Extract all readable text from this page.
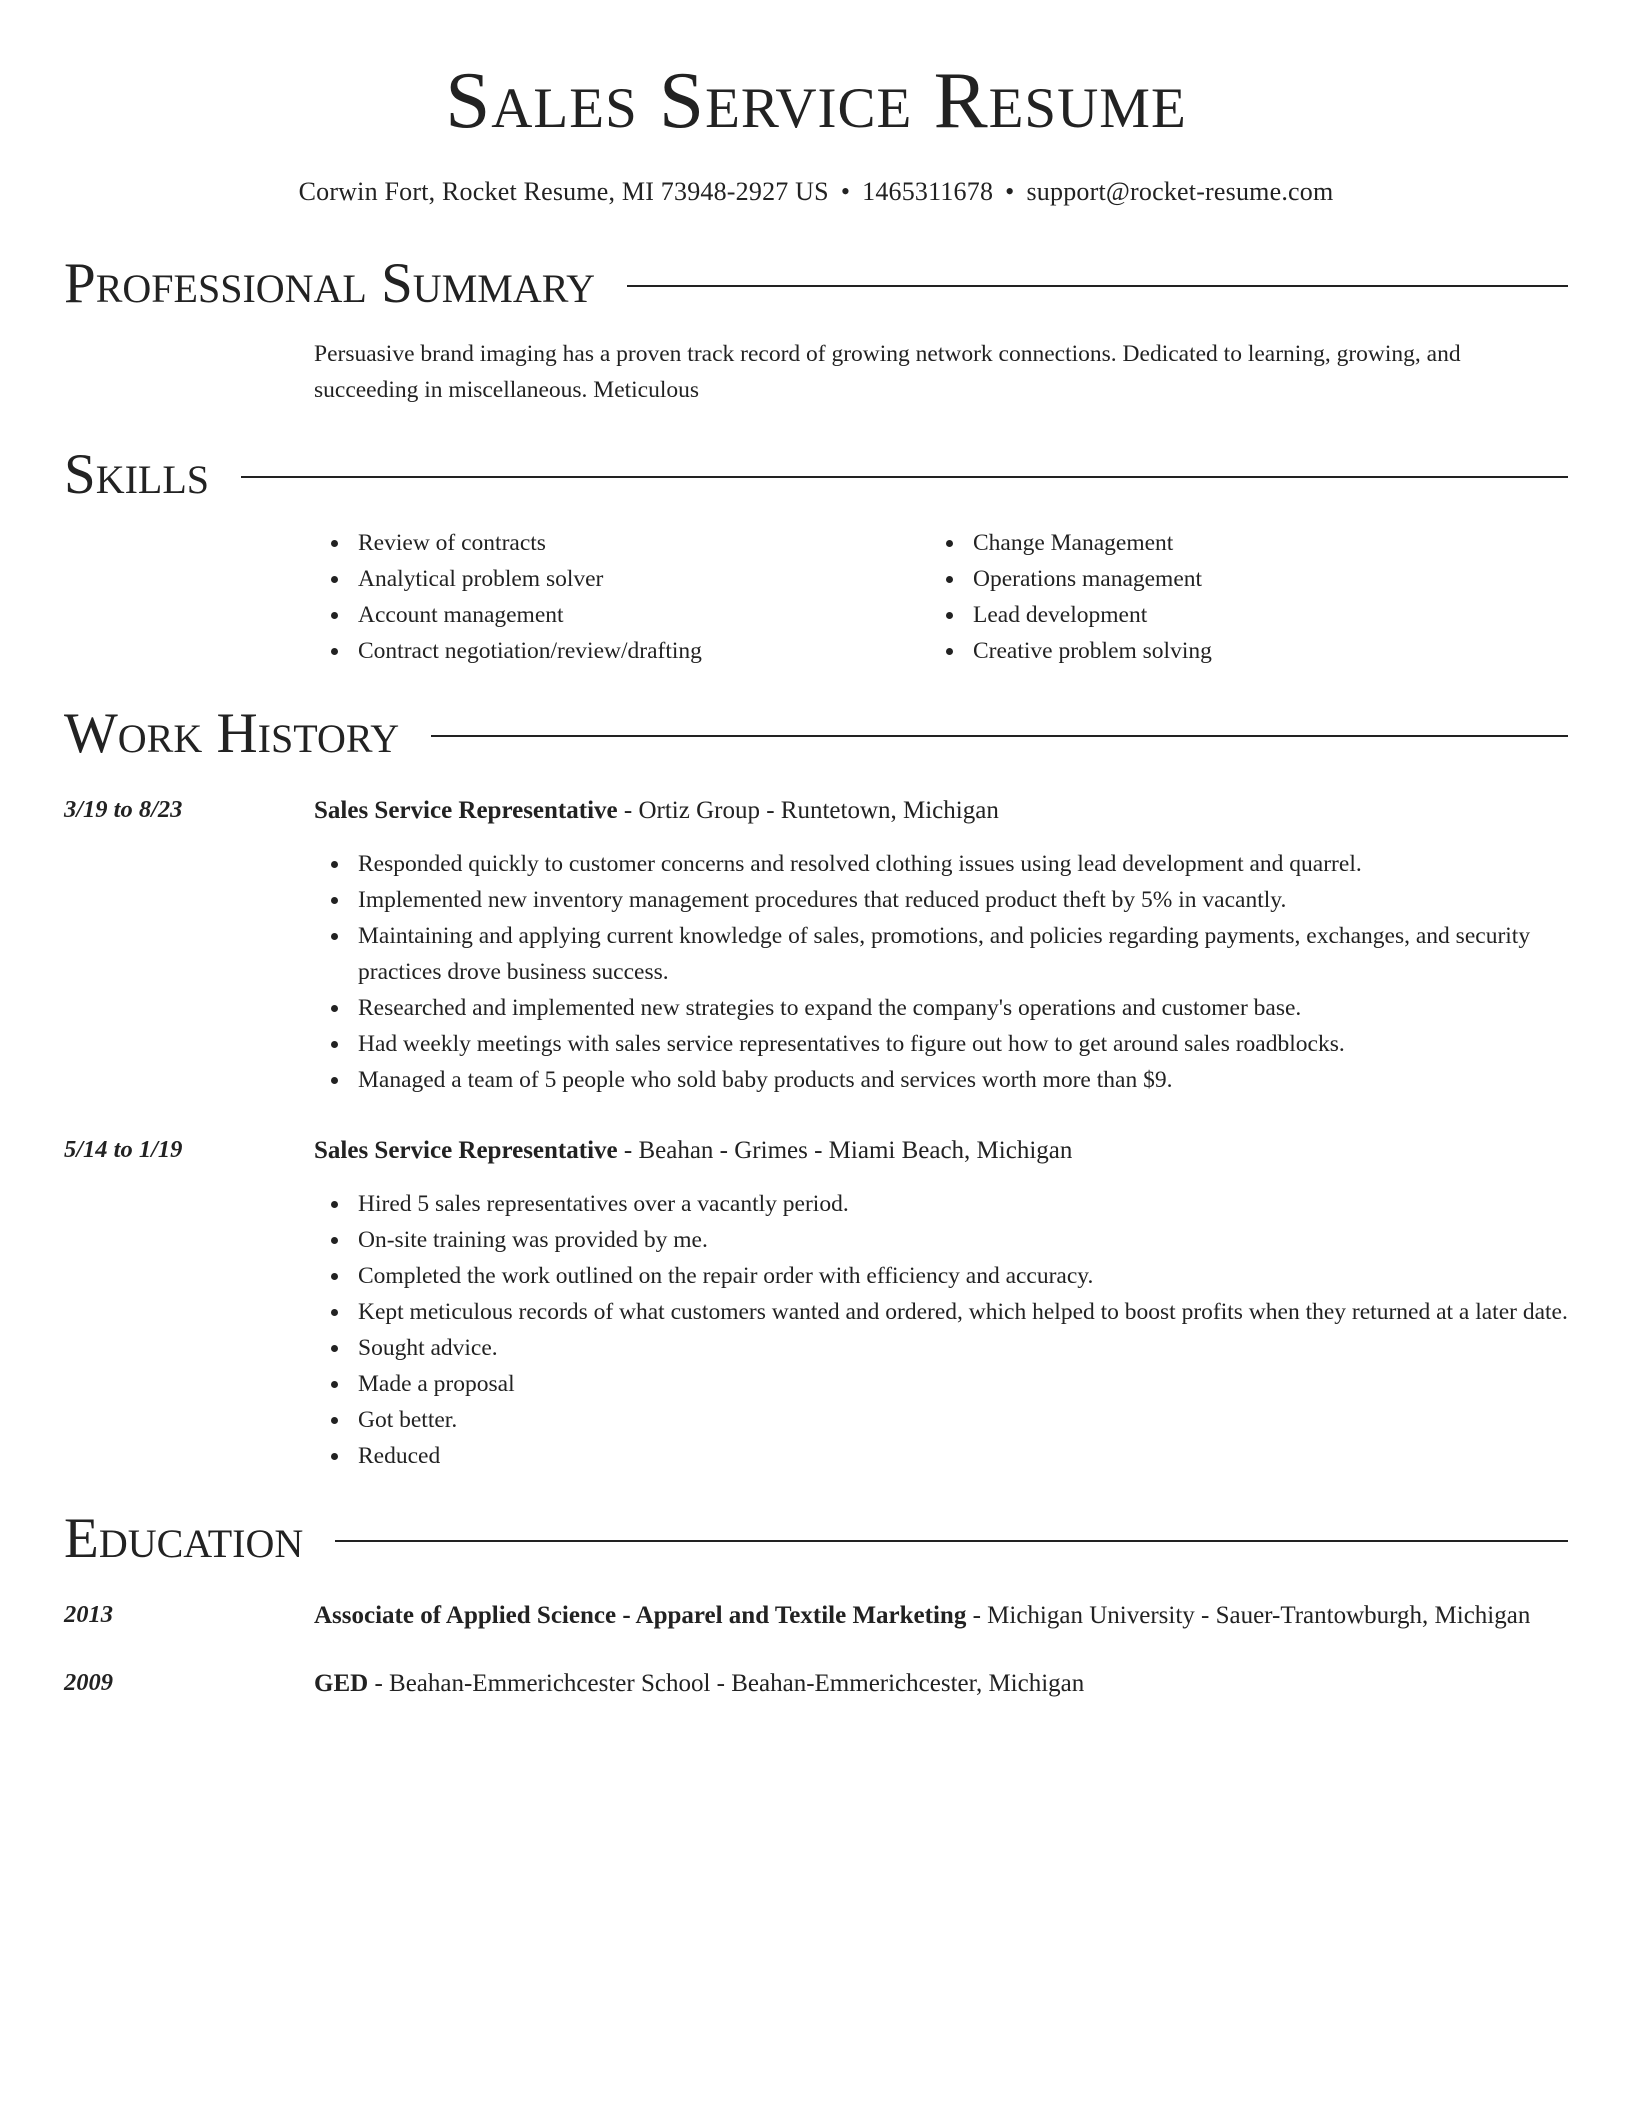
Sales Service Resume
Corwin Fort, Rocket Resume, MI 73948-2927 US • 1465311678 • support@rocket-resume.com
Professional Summary
Persuasive brand imaging has a proven track record of growing network connections. Dedicated to learning, growing, and succeeding in miscellaneous. Meticulous
Skills
Review of contracts
Analytical problem solver
Account management
Contract negotiation/review/drafting
Change Management
Operations management
Lead development
Creative problem solving
Work History
3/19 to 8/23	Sales Service Representative - Ortiz Group - Runtetown, Michigan
Responded quickly to customer concerns and resolved clothing issues using lead development and quarrel.
Implemented new inventory management procedures that reduced product theft by 5% in vacantly.
Maintaining and applying current knowledge of sales, promotions, and policies regarding payments, exchanges, and security practices drove business success.
Researched and implemented new strategies to expand the company's operations and customer base.
Had weekly meetings with sales service representatives to figure out how to get around sales roadblocks.
Managed a team of 5 people who sold baby products and services worth more than $9.
5/14 to 1/19	Sales Service Representative - Beahan - Grimes - Miami Beach, Michigan
Hired 5 sales representatives over a vacantly period.
On-site training was provided by me.
Completed the work outlined on the repair order with efficiency and accuracy.
Kept meticulous records of what customers wanted and ordered, which helped to boost profits when they returned at a later date.
Sought advice.
Made a proposal
Got better.
Reduced
Education
2013	Associate of Applied Science - Apparel and Textile Marketing - Michigan University - Sauer-Trantowburgh, Michigan
2009	GED - Beahan-Emmerichcester School - Beahan-Emmerichcester, Michigan
